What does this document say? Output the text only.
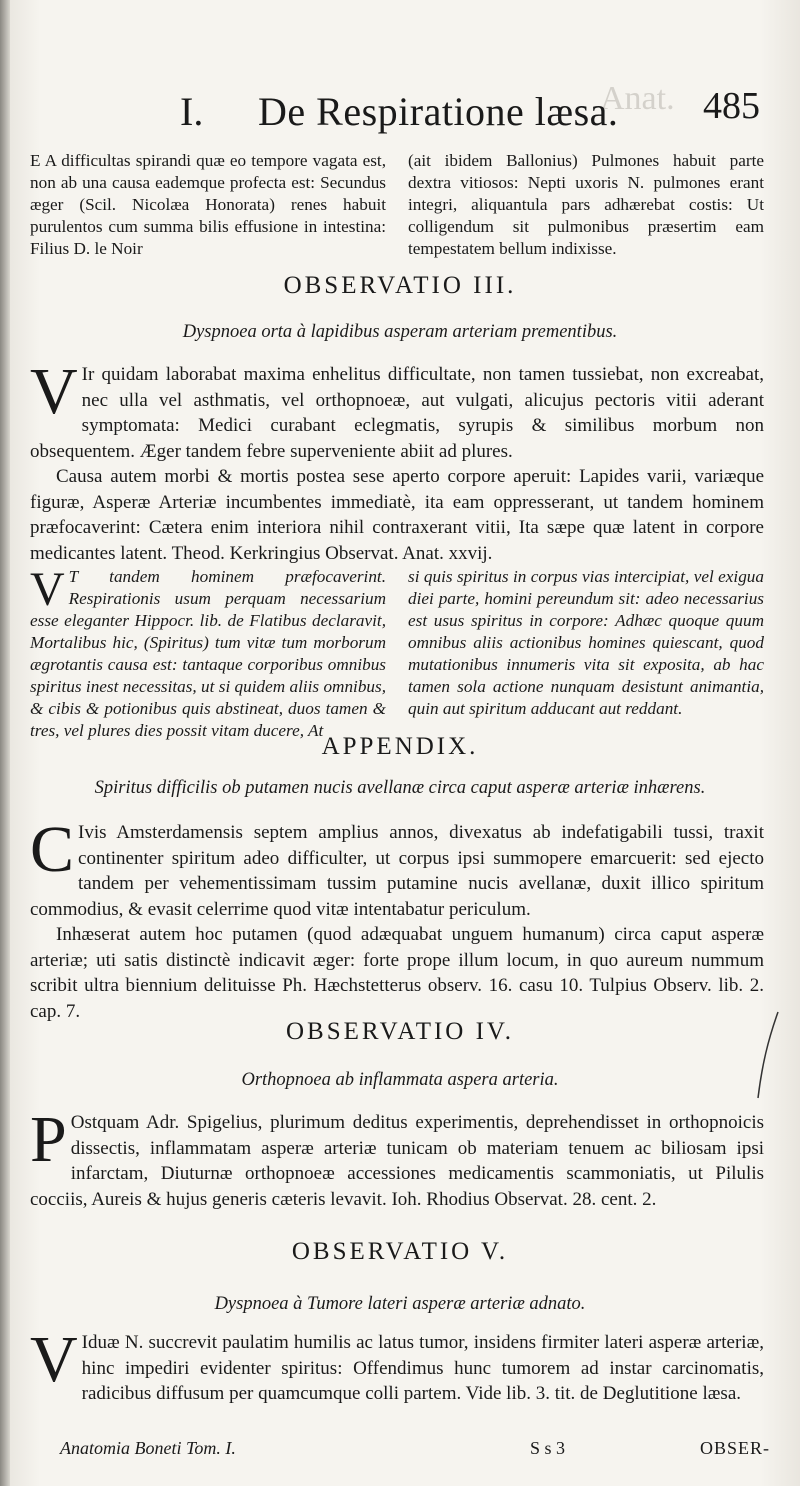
Anat.
I. De Respiratione læsa. 485
E A difficultas spirandi quæ eo tempore vagata est, non ab una causa eademque profecta est: Secundus æger (Scil. Nicolæa Honorata) renes habuit purulentos cum summa bilis effusione in intestina: Filius D. le Noir
(ait ibidem Ballonius) Pulmones habuit parte dextra vitiosos: Nepti uxoris N. pulmones erant integri, aliquantula pars adhærebat costis: Ut colligendum sit pulmonibus præsertim eam tempestatem bellum indixisse.
OBSERVATIO III.
Dyspnoea orta à lapidibus asperam arteriam prementibus.
V Ir quidam laborabat maxima enhelitus difficultate, non tamen tussiebat, non excreabat, nec ulla vel asthmatis, vel orthopnoeæ, aut vulgati, alicujus pectoris vitii aderant symptomata: Medici curabant eclegmatis, syrupis & similibus morbum non obsequentem. Æger tandem febre superveniente abiit ad plures.
Causa autem morbi & mortis postea sese aperto corpore aperuit: Lapides varii, variæque figuræ, Asperæ Arteriæ incumbentes immediatè, ita eam oppresserant, ut tandem hominem præfocaverint: Cætera enim interiora nihil contraxerant vitii, Ita sæpe quæ latent in corpore medicantes latent. Theod. Kerkringius Observat. Anat. xxvij.
V T tandem hominem præfocaverint. Respirationis usum perquam necessarium esse eleganter Hippocr. lib. de Flatibus declaravit, Mortalibus hic, (Spiritus) tum vitæ tum morborum ægrotantis causa est: tantaque corporibus omnibus spiritus inest necessitas, ut si quidem aliis omnibus, & cibis & potionibus quis abstineat, duos tamen & tres, vel plures dies possit vitam ducere, At
si quis spiritus in corpus vias intercipiat, vel exigua diei parte, homini pereundum sit: adeo necessarius est usus spiritus in corpore: Adhæc quoque quum omnibus aliis actionibus homines quiescant, quod mutationibus innumeris vita sit exposita, ab hac tamen sola actione nunquam desistunt animantia, quin aut spiritum adducant aut reddant.
APPENDIX.
Spiritus difficilis ob putamen nucis avellanæ circa caput asperæ arteriæ inhærens.
C Ivis Amsterdamensis septem amplius annos, divexatus ab indefatigabili tussi, traxit continenter spiritum adeo difficulter, ut corpus ipsi summopere emarcuerit: sed ejecto tandem per vehementissimam tussim putamine nucis avellanæ, duxit illico spiritum commodius, & evasit celerrime quod vitæ intentabatur periculum.
Inhæserat autem hoc putamen (quod adæquabat unguem humanum) circa caput asperæ arteriæ; uti satis distinctè indicavit æger: forte prope illum locum, in quo aureum nummum scribit ultra biennium delituisse Ph. Hæchstetterus observ. 16. casu 10. Tulpius Observ. lib. 2. cap. 7.
OBSERVATIO IV.
Orthopnoea ab inflammata aspera arteria.
P Ostquam Adr. Spigelius, plurimum deditus experimentis, deprehendisset in orthopnoicis dissectis, inflammatam asperæ arteriæ tunicam ob materiam tenuem ac biliosam ipsi infarctam, Diuturnæ orthopnoeæ accessiones medicamentis scammoniatis, ut Pilulis cocciis, Aureis & hujus generis cæteris levavit. Ioh. Rhodius Observat. 28. cent. 2.
OBSERVATIO V.
Dyspnoea à Tumore lateri asperæ arteriæ adnato.
V Iduæ N. succrevit paulatim humilis ac latus tumor, insidens firmiter lateri asperæ arteriæ, hinc impediri evidenter spiritus: Offendimus hunc tumorem ad instar carcinomatis, radicibus diffusum per quamcumque colli partem. Vide lib. 3. tit. de Deglutitione læsa.
Anatomia Boneti Tom. I.	S s 3	OBSER-
